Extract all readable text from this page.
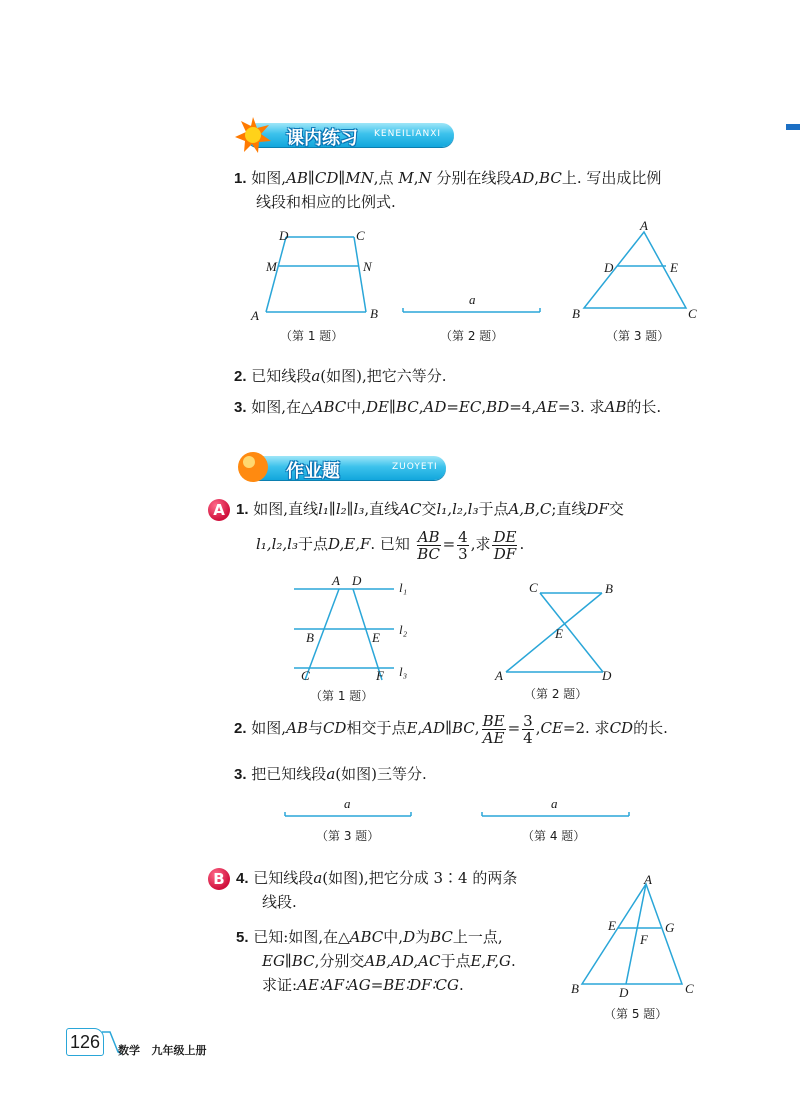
课内练习 KENEILIANXI
1. 如图,AB∥CD∥MN,点 M,N 分别在线段AD,BC上. 写出成比例
线段和相应的比例式.
D	C
M	N
A	B
（第 1 题）
a
（第 2 题）
A
D	E
B	C
（第 3 题）
2. 已知线段a(如图),把它六等分.
3. 如图,在△ABC中,DE∥BC,AD=EC,BD=4,AE=3. 求AB的长.
作业题	ZUOYETI
A 1. 如图,直线l₁∥l₂∥l₃,直线AC交l₁,l₂,l₃于点A,B,C;直线DF交
l₁,l₂,l₃于点D,E,F. 已知 $\frac{AB}{BC} = \frac{4}{3}$ ,求 $\frac{DE}{DF}$ .
A D	l₁
B	E
l₂
C	F l₃
（第 1 题）
C	B
E
A	D
（第 2 题）
2. 如图,AB与CD相交于点E,AD∥BC, $\frac{BE}{AE} = \frac{3}{4} ,CE=2$. 求CD的长.
3. 把已知线段a(如图)三等分.
a
（第 3 题）
a
（第 4 题）
B 4. 已知线段a(如图),把它分成 3∶4 的两条
线段.
5. 已知:如图,在△ABC中,D为BC上一点,
EG∥BC,分别交AB,AD,AC于点E,F,G.
求证:AE∶AF∶AG=BE∶DF∶CG.
A
E	G
F
B	D	C
（第 5 题）
126	数学 九年级上册
